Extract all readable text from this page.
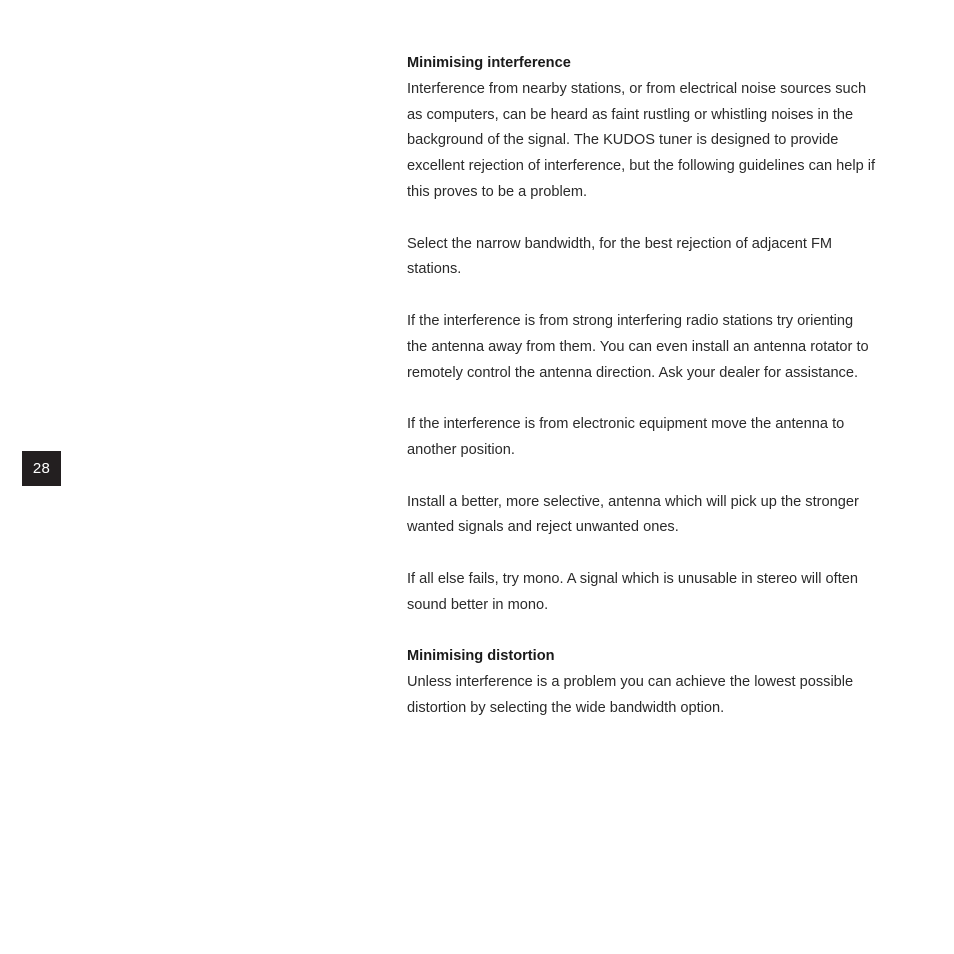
28

Minimising interference

Interference from nearby stations, or from electrical noise sources such as computers, can be heard as faint rustling or whistling noises in the background of the signal. The KUDOS tuner is designed to provide excellent rejection of interference, but the following guidelines can help if this proves to be a problem.

Select the narrow bandwidth, for the best rejection of adjacent FM stations.

If the interference is from strong interfering radio stations try orienting the antenna away from them. You can even install an antenna rotator to remotely control the antenna direction. Ask your dealer for assistance.

If the interference is from electronic equipment move the antenna to another position.

Install a better, more selective, antenna which will pick up the stronger wanted signals and reject unwanted ones.

If all else fails, try mono. A signal which is unusable in stereo will often sound better in mono.

Minimising distortion

Unless interference is a problem you can achieve the lowest possible distortion by selecting the wide bandwidth option.
